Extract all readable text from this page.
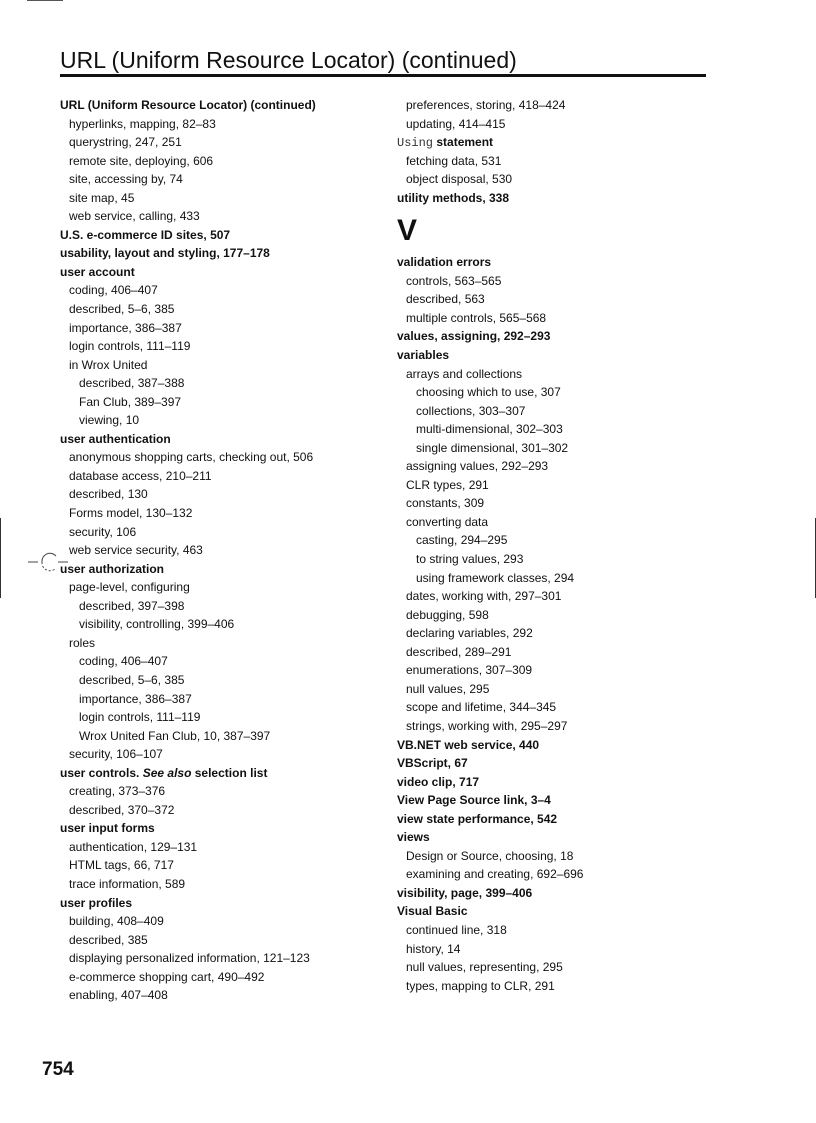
URL (Uniform Resource Locator) (continued)
URL (Uniform Resource Locator) (continued)
hyperlinks, mapping, 82–83
querystring, 247, 251
remote site, deploying, 606
site, accessing by, 74
site map, 45
web service, calling, 433
U.S. e-commerce ID sites, 507
usability, layout and styling, 177–178
user account
coding, 406–407
described, 5–6, 385
importance, 386–387
login controls, 111–119
in Wrox United
described, 387–388
Fan Club, 389–397
viewing, 10
user authentication
anonymous shopping carts, checking out, 506
database access, 210–211
described, 130
Forms model, 130–132
security, 106
web service security, 463
user authorization
page-level, configuring
described, 397–398
visibility, controlling, 399–406
roles
coding, 406–407
described, 5–6, 385
importance, 386–387
login controls, 111–119
Wrox United Fan Club, 10, 387–397
security, 106–107
user controls. See also selection list
creating, 373–376
described, 370–372
user input forms
authentication, 129–131
HTML tags, 66, 717
trace information, 589
user profiles
building, 408–409
described, 385
displaying personalized information, 121–123
e-commerce shopping cart, 490–492
enabling, 407–408
preferences, storing, 418–424
updating, 414–415
Using statement
fetching data, 531
object disposal, 530
utility methods, 338
V
validation errors
controls, 563–565
described, 563
multiple controls, 565–568
values, assigning, 292–293
variables
arrays and collections
choosing which to use, 307
collections, 303–307
multi-dimensional, 302–303
single dimensional, 301–302
assigning values, 292–293
CLR types, 291
constants, 309
converting data
casting, 294–295
to string values, 293
using framework classes, 294
dates, working with, 297–301
debugging, 598
declaring variables, 292
described, 289–291
enumerations, 307–309
null values, 295
scope and lifetime, 344–345
strings, working with, 295–297
VB.NET web service, 440
VBScript, 67
video clip, 717
View Page Source link, 3–4
view state performance, 542
views
Design or Source, choosing, 18
examining and creating, 692–696
visibility, page, 399–406
Visual Basic
continued line, 318
history, 14
null values, representing, 295
types, mapping to CLR, 291
754
